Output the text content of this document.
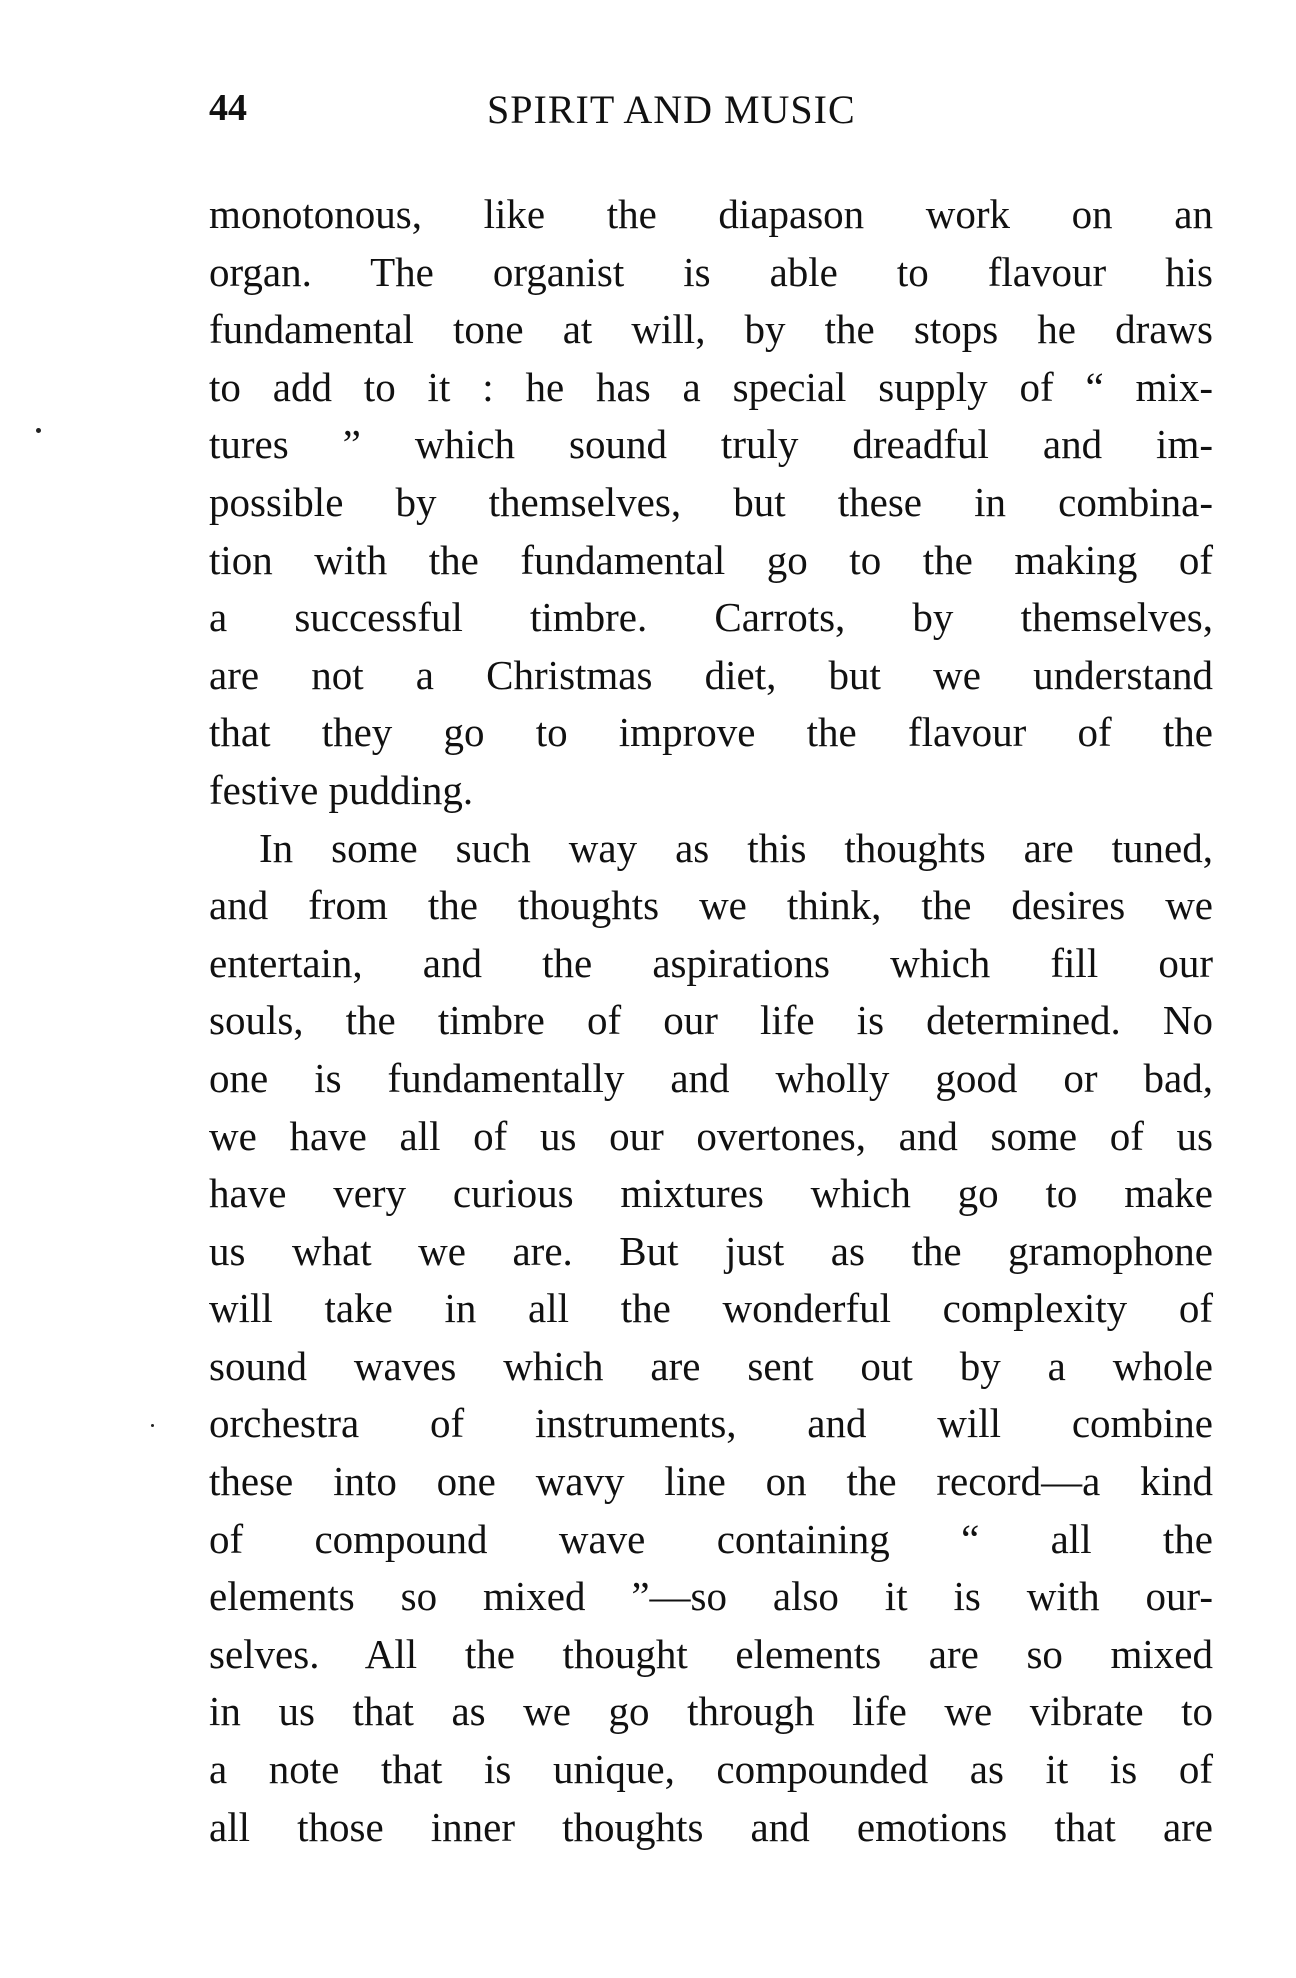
44	SPIRIT AND MUSIC
monotonous, like the diapason work on an
organ. The organist is able to flavour his
fundamental tone at will, by the stops he draws
to add to it : he has a special supply of “ mix-
tures ” which sound truly dreadful and im-
possible by themselves, but these in combina-
tion with the fundamental go to the making of
a successful timbre. Carrots, by themselves,
are not a Christmas diet, but we understand
that they go to improve the flavour of the
festive pudding.
In some such way as this thoughts are tuned,
and from the thoughts we think, the desires we
entertain, and the aspirations which fill our
souls, the timbre of our life is determined. No
one is fundamentally and wholly good or bad,
we have all of us our overtones, and some of us
have very curious mixtures which go to make
us what we are. But just as the gramophone
will take in all the wonderful complexity of
sound waves which are sent out by a whole
orchestra of instruments, and will combine
these into one wavy line on the record—a kind
of compound wave containing “ all the
elements so mixed ”—so also it is with our-
selves. All the thought elements are so mixed
in us that as we go through life we vibrate to
a note that is unique, compounded as it is of
all those inner thoughts and emotions that are
